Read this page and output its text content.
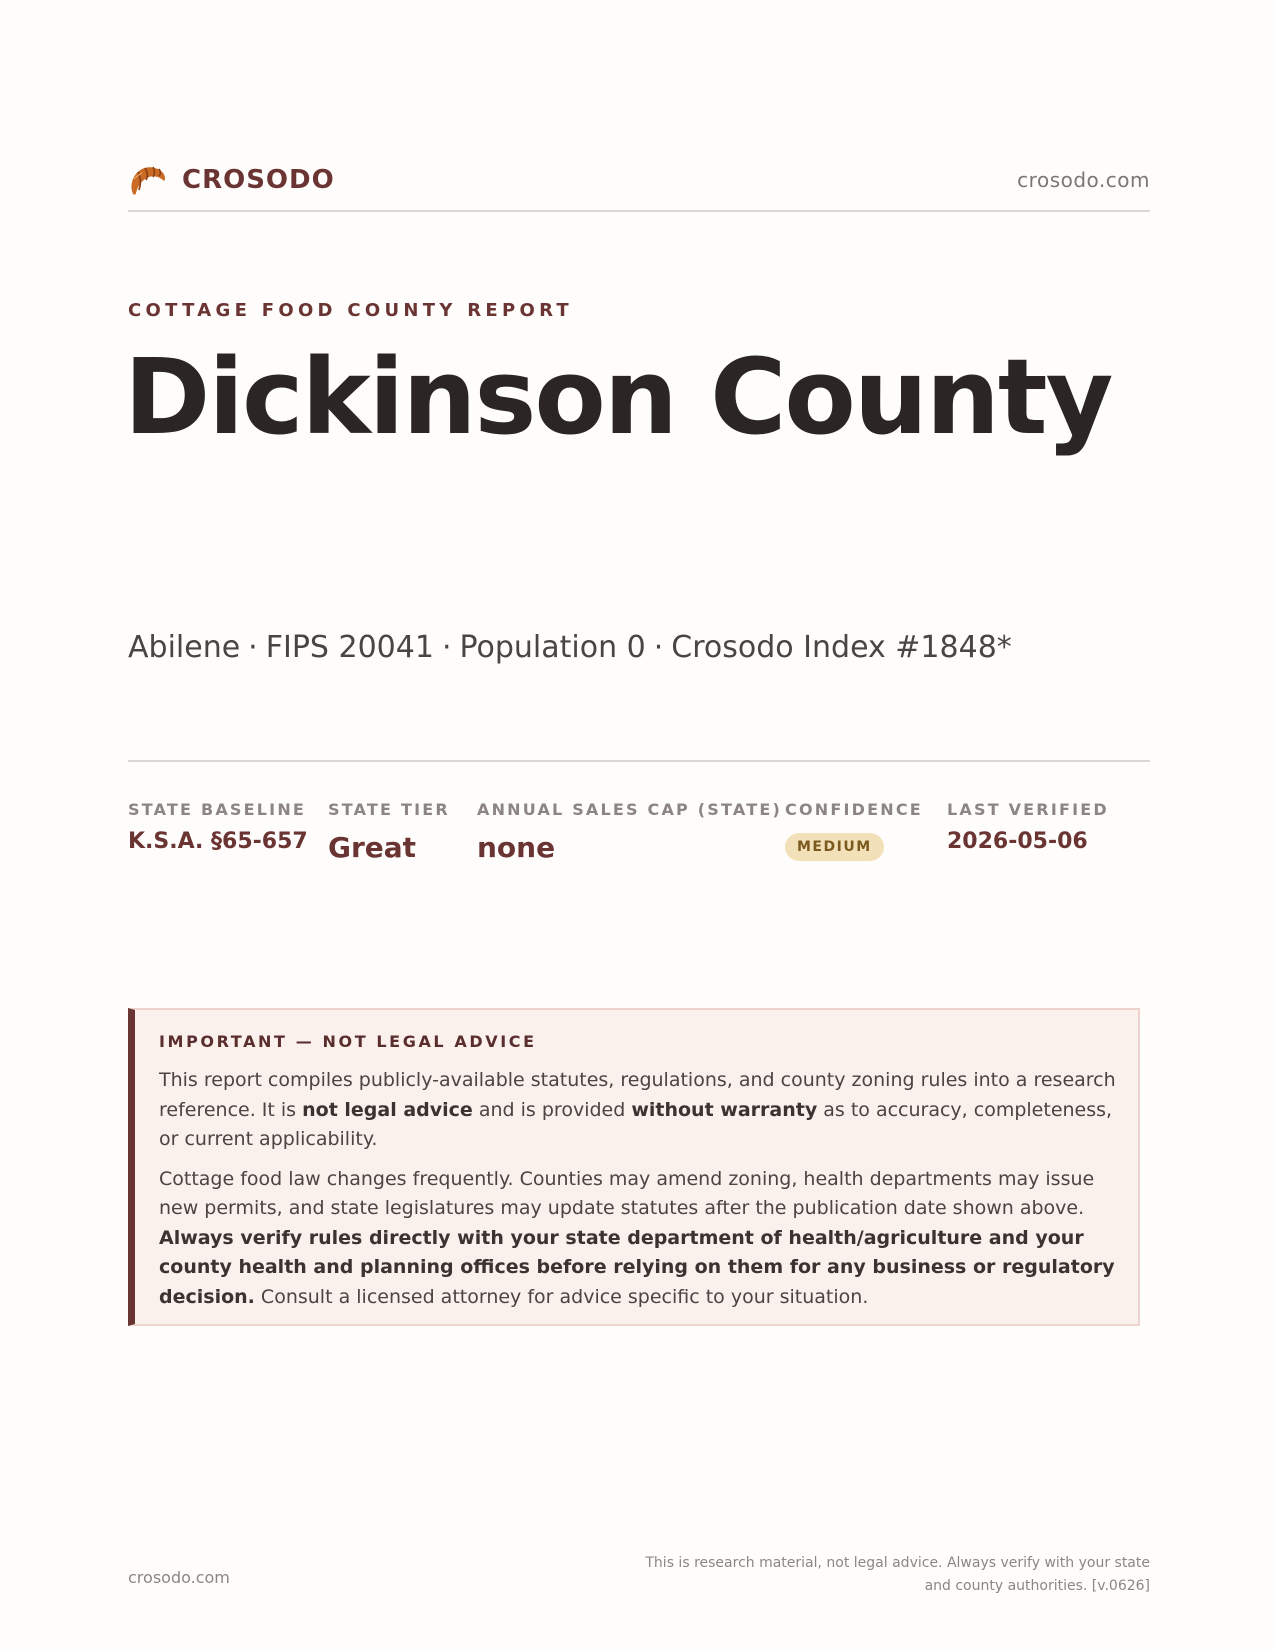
CROSODO	crosodo.com
COTTAGE FOOD COUNTY REPORT
Dickinson County
Abilene · FIPS 20041 · Population 0 · Crosodo Index #1848*
STATE BASELINE
K.S.A. §65-657
STATE TIER
Great
ANNUAL SALES CAP (STATE)
none
CONFIDENCE
MEDIUM
LAST VERIFIED
2026-05-06
IMPORTANT — NOT LEGAL ADVICE

This report compiles publicly-available statutes, regulations, and county zoning rules into a research reference. It is not legal advice and is provided without warranty as to accuracy, completeness, or current applicability.

Cottage food law changes frequently. Counties may amend zoning, health departments may issue new permits, and state legislatures may update statutes after the publication date shown above. Always verify rules directly with your state department of health/agriculture and your county health and planning offices before relying on them for any business or regulatory decision. Consult a licensed attorney for advice specific to your situation.

crosodo.com
This is research material, not legal advice. Always verify with your state
and county authorities. [v.0626]
